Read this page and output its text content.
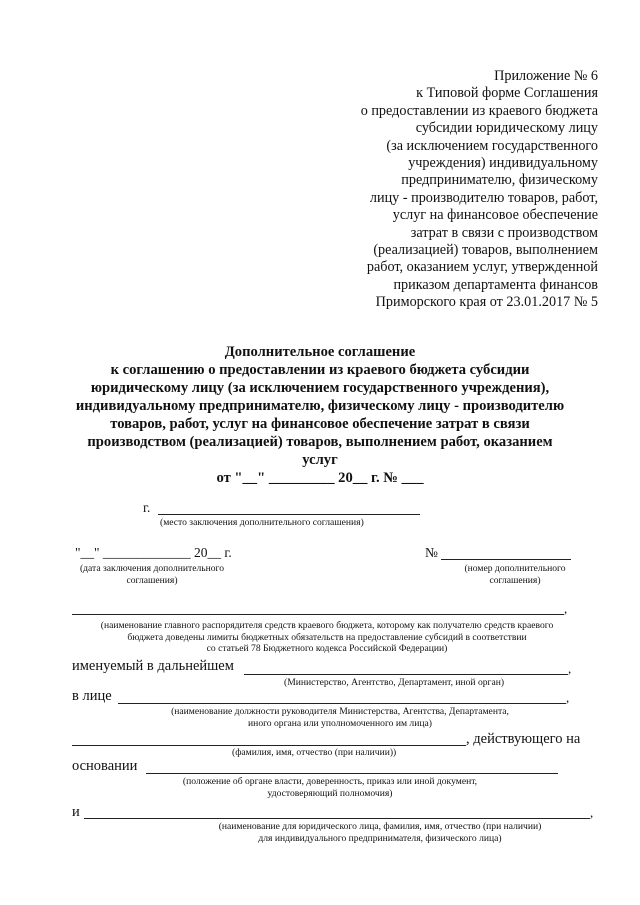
Приложение № 6
к Типовой форме Соглашения
о предоставлении из краевого бюджета
субсидии юридическому лицу
(за исключением государственного
учреждения) индивидуальному
предпринимателю, физическому
лицу - производителю товаров, работ,
услуг на финансовое обеспечение
затрат в связи с производством
(реализацией) товаров, выполнением
работ, оказанием услуг, утвержденной
приказом департамента финансов
Приморского края от 23.01.2017 № 5
Дополнительное соглашение
к соглашению о предоставлении из краевого бюджета субсидии
юридическому лицу (за исключением государственного учреждения),
индивидуальному предпринимателю, физическому лицу - производителю
товаров, работ, услуг на финансовое обеспечение затрат в связи
производством (реализацией) товаров, выполнением работ, оказанием
услуг
от "__" _________ 20__ г. № ___
г.
(место заключения дополнительного соглашения)
"__" _____________ 20__ г.
(дата заключения дополнительного
соглашения)
№
(номер дополнительного
соглашения)
,
(наименование главного распорядителя средств краевого бюджета, которому как получателю средств краевого
бюджета доведены лимиты бюджетных обязательств на предоставление субсидий в соответствии
со статьей 78 Бюджетного кодекса Российской Федерации)
именуемый в дальнейшем	,
(Министерство, Агентство, Департамент, иной орган)
в лице	,
(наименование должности руководителя Министерства, Агентства, Департамента,
иного органа или уполномоченного им лица)
, действующего на
(фамилия, имя, отчество (при наличии))
основании
(положение об органе власти, доверенность, приказ или иной документ,
удостоверяющий полномочия)
и	,
(наименование для юридического лица, фамилия, имя, отчество (при наличии)
для индивидуального предпринимателя, физического лица)
